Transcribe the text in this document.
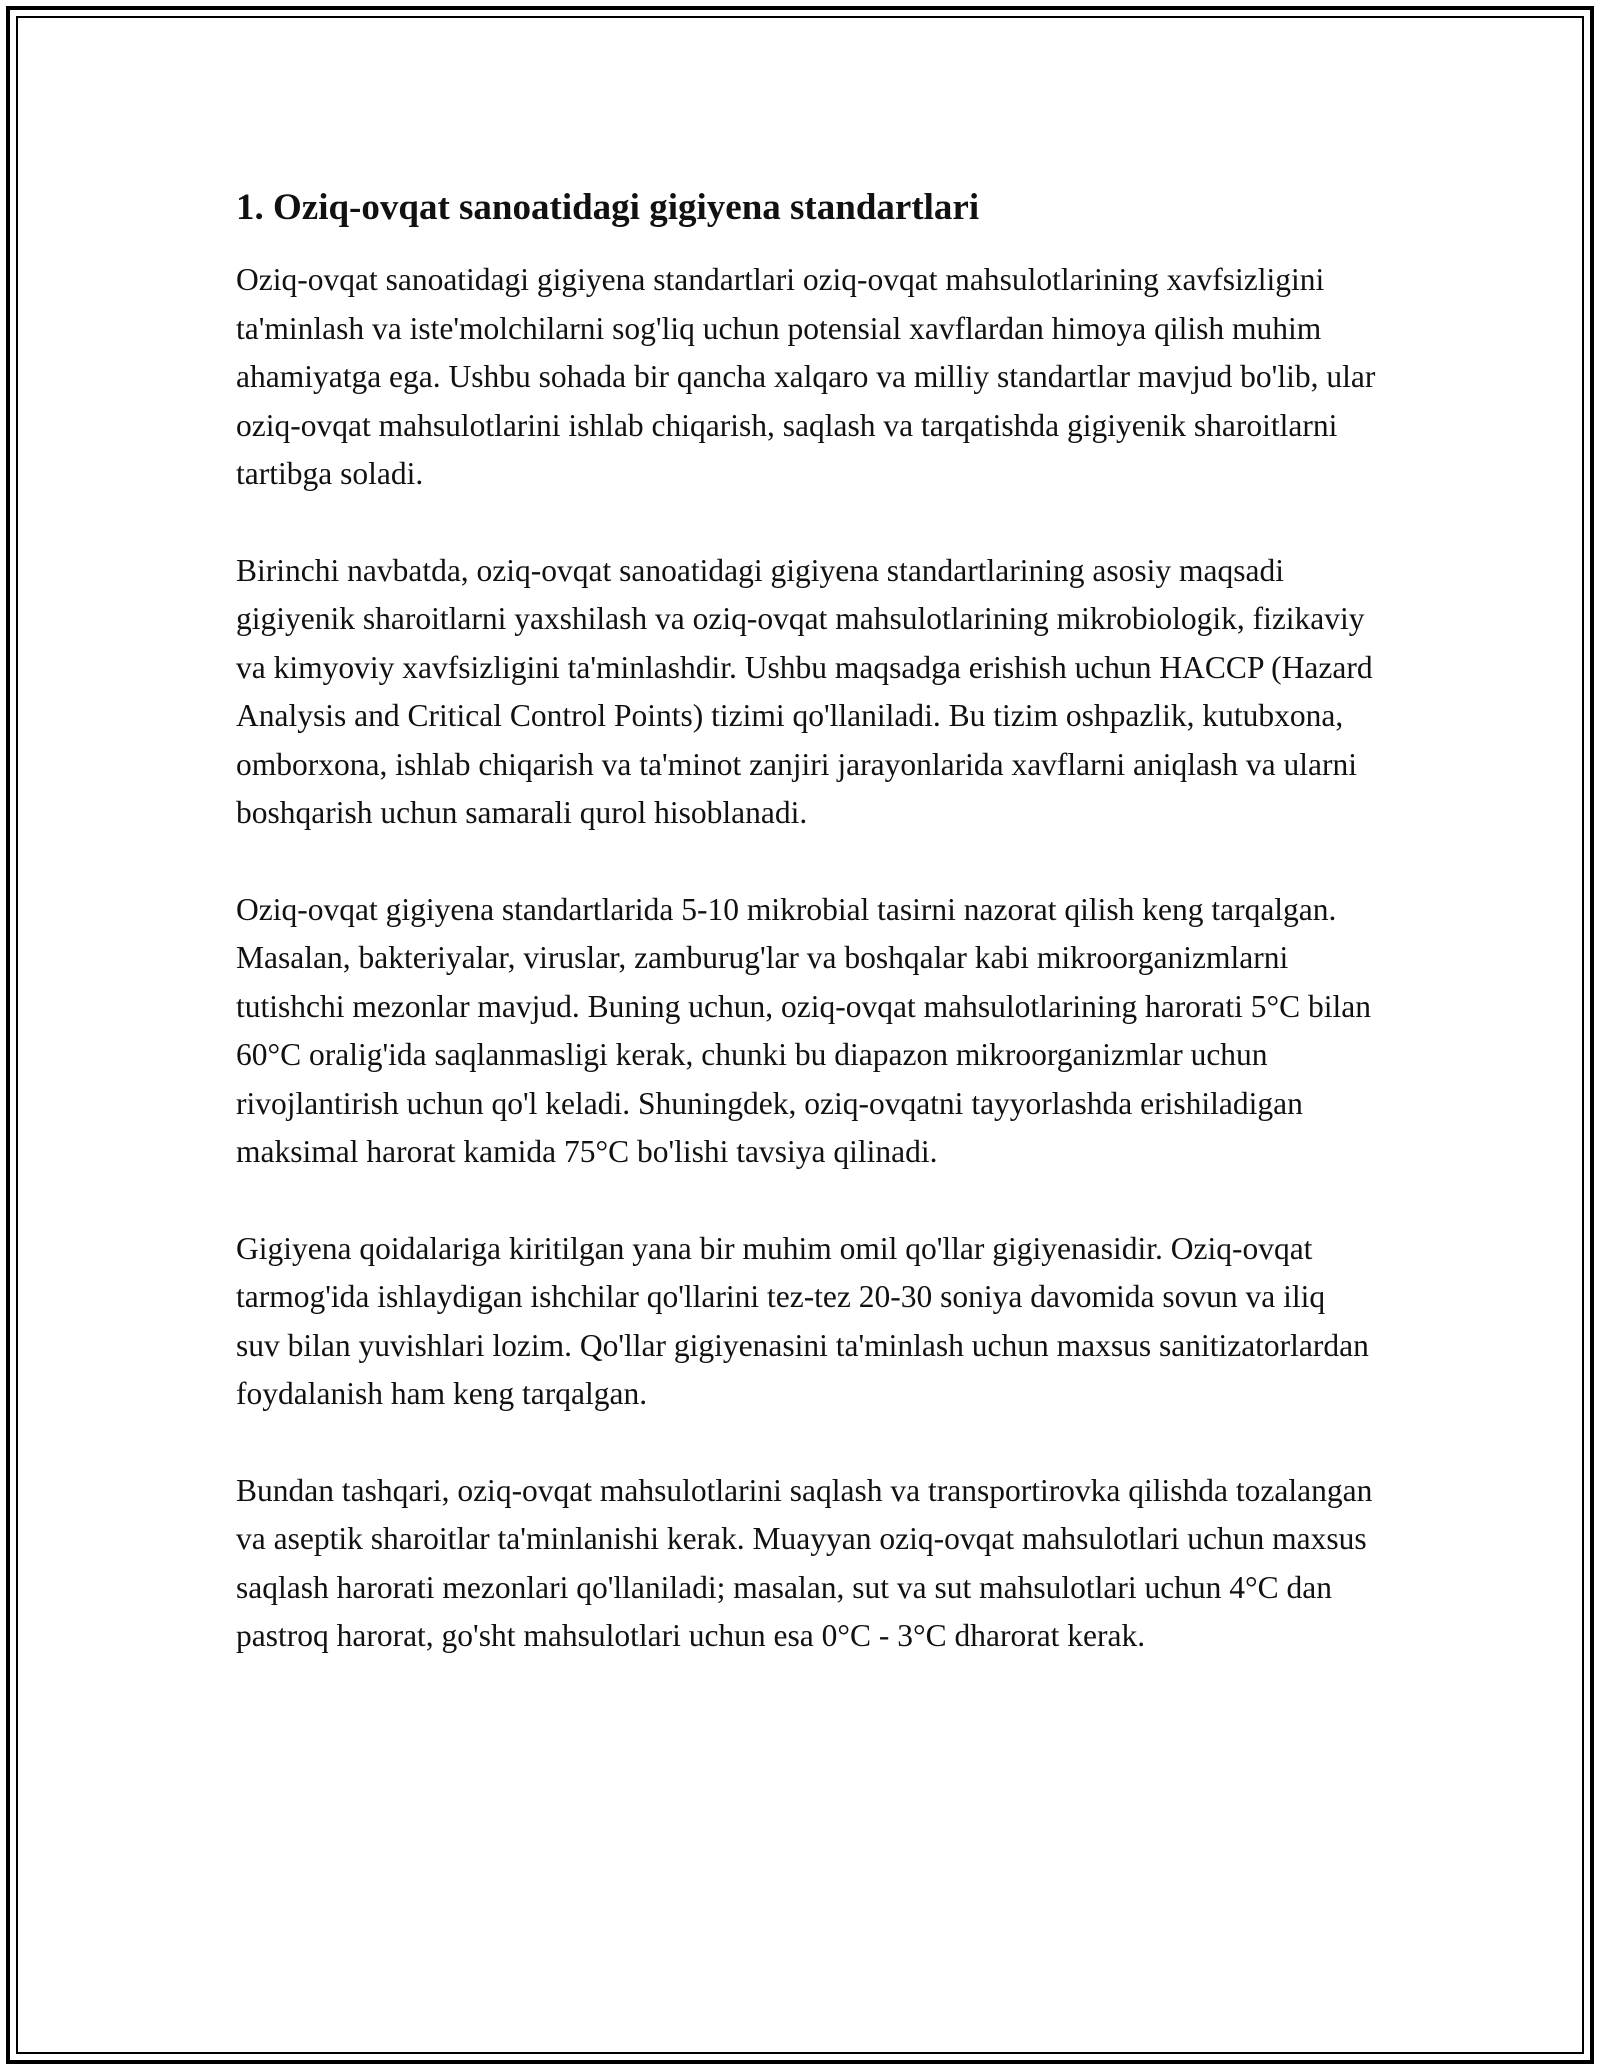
1. Oziq-ovqat sanoatidagi gigiyena standartlari

Oziq-ovqat sanoatidagi gigiyena standartlari oziq-ovqat mahsulotlarining xavfsizligini ta'minlash va iste'molchilarni sog'liq uchun potensial xavflardan himoya qilish muhim ahamiyatga ega. Ushbu sohada bir qancha xalqaro va milliy standartlar mavjud bo'lib, ular oziq-ovqat mahsulotlarini ishlab chiqarish, saqlash va tarqatishda gigiyenik sharoitlarni tartibga soladi.

Birinchi navbatda, oziq-ovqat sanoatidagi gigiyena standartlarining asosiy maqsadi gigiyenik sharoitlarni yaxshilash va oziq-ovqat mahsulotlarining mikrobiologik, fizikaviy va kimyoviy xavfsizligini ta'minlashdir. Ushbu maqsadga erishish uchun HACCP (Hazard Analysis and Critical Control Points) tizimi qo'llaniladi. Bu tizim oshpazlik, kutubxona, omborxona, ishlab chiqarish va ta'minot zanjiri jarayonlarida xavflarni aniqlash va ularni boshqarish uchun samarali qurol hisoblanadi.

Oziq-ovqat gigiyena standartlarida 5-10 mikrobial tasirni nazorat qilish keng tarqalgan. Masalan, bakteriyalar, viruslar, zamburug'lar va boshqalar kabi mikroorganizmlarni tutishchi mezonlar mavjud. Buning uchun, oziq-ovqat mahsulotlarining harorati 5°C bilan 60°C oralig'ida saqlanmasligi kerak, chunki bu diapazon mikroorganizmlar uchun rivojlantirish uchun qo'l keladi. Shuningdek, oziq-ovqatni tayyorlashda erishiladigan maksimal harorat kamida 75°C bo'lishi tavsiya qilinadi.

Gigiyena qoidalariga kiritilgan yana bir muhim omil qo'llar gigiyenasidir. Oziq-ovqat tarmog'ida ishlaydigan ishchilar qo'llarini tez-tez 20-30 soniya davomida sovun va iliq suv bilan yuvishlari lozim. Qo'llar gigiyenasini ta'minlash uchun maxsus sanitizatorlardan foydalanish ham keng tarqalgan.

Bundan tashqari, oziq-ovqat mahsulotlarini saqlash va transportirovka qilishda tozalangan va aseptik sharoitlar ta'minlanishi kerak. Muayyan oziq-ovqat mahsulotlari uchun maxsus saqlash harorati mezonlari qo'llaniladi; masalan, sut va sut mahsulotlari uchun 4°C dan pastroq harorat, go'sht mahsulotlari uchun esa 0°C - 3°C dharorat kerak.
